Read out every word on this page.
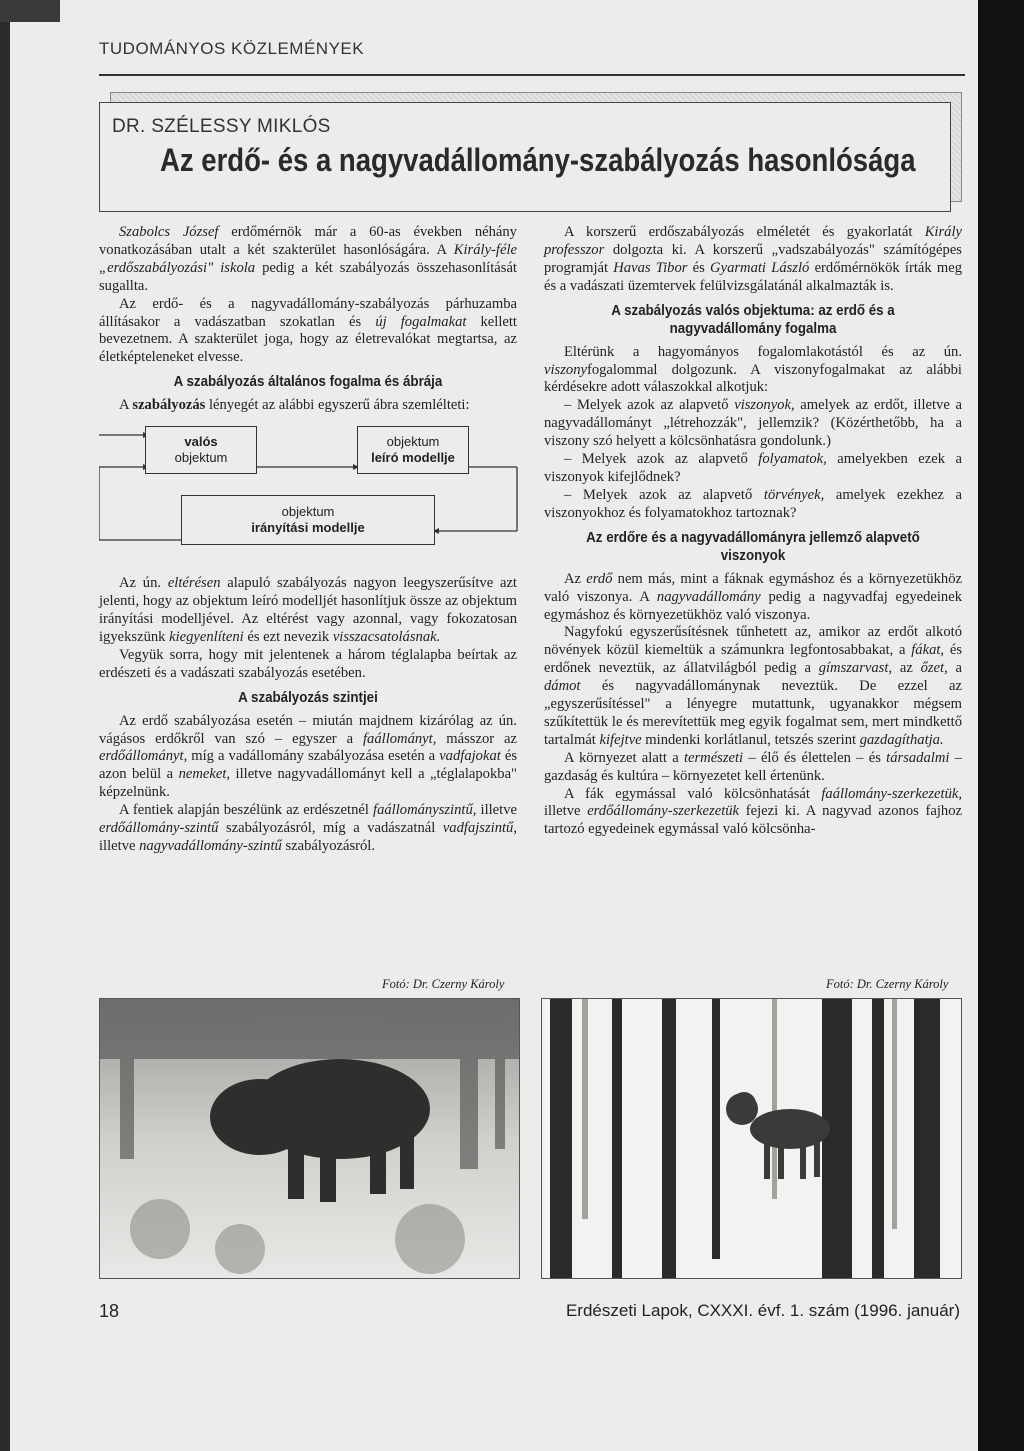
TUDOMÁNYOS KÖZLEMÉNYEK
DR. SZÉLESSY MIKLÓS
Az erdő- és a nagyvadállomány-szabályozás hasonlósága

Szabolcs József erdőmérnök már a 60-as években néhány vonatkozásában utalt a két szakterület hasonlóságára. A Király-féle „erdőszabályozási" iskola pedig a két szabályozás összehasonlítását sugallta.

Az erdő- és a nagyvadállomány-szabályozás párhuzamba állításakor a vadászatban szokatlan és új fogalmakat kellett bevezetnem. A szakterület joga, hogy az életrevalókat megtartsa, az életképteleneket elvesse.

A szabályozás általános fogalma és ábrája

A szabályozás lényegét az alábbi egyszerű ábra szemlélteti:

valós
objektum
objektum
leíró modellje
objektum
irányítási modellje

Az ún. eltérésen alapuló szabályozás nagyon leegyszerűsítve azt jelenti, hogy az objektum leíró modelljét hasonlítjuk össze az objektum irányítási modelljével. Az eltérést vagy azonnal, vagy fokozatosan igyekszünk kiegyenlíteni és ezt nevezik visszacsatolásnak.

Vegyük sorra, hogy mit jelentenek a három téglalapba beírtak az erdészeti és a vadászati szabályozás esetében.

A szabályozás szintjei

Az erdő szabályozása esetén – miután majdnem kizárólag az ún. vágásos erdőkről van szó – egyszer a faállományt, másszor az erdőállományt, míg a vadállomány szabályozása esetén a vadfajokat és azon belül a nemeket, illetve nagyvadállományt kell a „téglalapokba" képzelnünk.

A fentiek alapján beszélünk az erdészetnél faállományszintű, illetve erdőállomány-szintű szabályozásról, míg a vadászatnál vadfajszintű, illetve nagyvadállomány-szintű szabályozásról.

A korszerű erdőszabályozás elméletét és gyakorlatát Király professzor dolgozta ki. A korszerű „vadszabályozás" számítógépes programját Havas Tibor és Gyarmati László erdőmérnökök írták meg és a vadászati üzemtervek felülvizsgálatánál alkalmazták is.

A szabályozás valós objektuma: az erdő és a nagyvadállomány fogalma

Eltérünk a hagyományos fogalomlakotástól és az ún. viszonyfogalommal dolgozunk. A viszonyfogalmakat az alábbi kérdésekre adott válaszokkal alkotjuk:

– Melyek azok az alapvető viszonyok, amelyek az erdőt, illetve a nagyvadállományt „létrehozzák", jellemzik? (Közérthetőbb, ha a viszony szó helyett a kölcsönhatásra gondolunk.)

– Melyek azok az alapvető folyamatok, amelyekben ezek a viszonyok kifejlődnek?

– Melyek azok az alapvető törvények, amelyek ezekhez a viszonyokhoz és folyamatokhoz tartoznak?

Az erdőre és a nagyvadállományra jellemző alapvető viszonyok

Az erdő nem más, mint a fáknak egymáshoz és a környezetükhöz való viszonya. A nagyvadállomány pedig a nagyvadfaj egyedeinek egymáshoz és környezetükhöz való viszonya.

Nagyfokú egyszerűsítésnek tűnhetett az, amikor az erdőt alkotó növények közül kiemeltük a számunkra legfontosabbakat, a fákat, és erdőnek neveztük, az állatvilágból pedig a gímszarvast, az őzet, a dámot és nagyvadállománynak neveztük. De ezzel az „egyszerűsítéssel" a lényegre mutattunk, ugyanakkor mégsem szűkítettük le és merevítettük meg egyik fogalmat sem, mert mindkettő tartalmát kifejtve mindenki korlátlanul, tetszés szerint gazdagíthatja.

A környezet alatt a természeti – élő és élettelen – és társadalmi – gazdaság és kultúra – környezetet kell értenünk.

A fák egymással való kölcsönhatását faállomány-szerkezetük, illetve erdőállomány-szerkezetük fejezi ki. A nagyvad azonos fajhoz tartozó egyedeinek egymással való kölcsönha-

Fotó: Dr. Czerny Károly	Fotó: Dr. Czerny Károly
18	Erdészeti Lapok, CXXXI. évf. 1. szám (1996. január)
